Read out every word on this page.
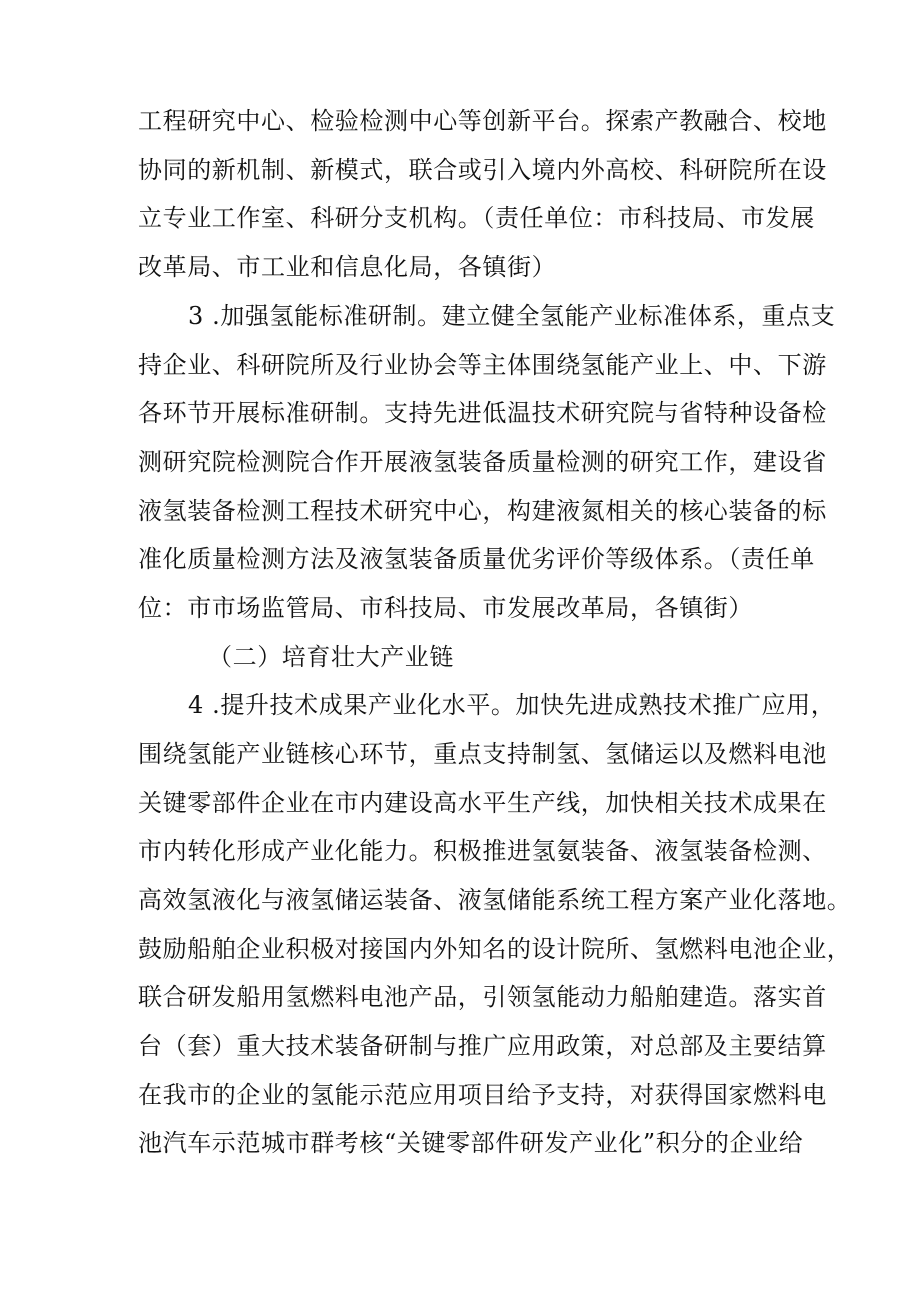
工程研究中心、检验检测中心等创新平台。探索产教融合、校地
协同的新机制、新模式，联合或引入境内外高校、科研院所在设
立专业工作室、科研分支机构。（责任单位：市科技局、市发展
改革局、市工业和信息化局，各镇街）
3 .加强氢能标准研制。建立健全氢能产业标准体系，重点支
持企业、科研院所及行业协会等主体围绕氢能产业上、中、下游
各环节开展标准研制。支持先进低温技术研究院与省特种设备检
测研究院检测院合作开展液氢装备质量检测的研究工作，建设省
液氢装备检测工程技术研究中心，构建液氮相关的核心装备的标
准化质量检测方法及液氢装备质量优劣评价等级体系。（责任单
位：市市场监管局、市科技局、市发展改革局，各镇街）
（二）培育壮大产业链
4 .提升技术成果产业化水平。加快先进成熟技术推广应用，
围绕氢能产业链核心环节，重点支持制氢、氢储运以及燃料电池
关键零部件企业在市内建设高水平生产线，加快相关技术成果在
市内转化形成产业化能力。积极推进氢氨装备、液氢装备检测、
高效氢液化与液氢储运装备、液氢储能系统工程方案产业化落地。
鼓励船舶企业积极对接国内外知名的设计院所、氢燃料电池企业，
联合研发船用氢燃料电池产品，引领氢能动力船舶建造。落实首
台（套）重大技术装备研制与推广应用政策，对总部及主要结算
在我市的企业的氢能示范应用项目给予支持，对获得国家燃料电
池汽车示范城市群考核“关键零部件研发产业化”积分的企业给
